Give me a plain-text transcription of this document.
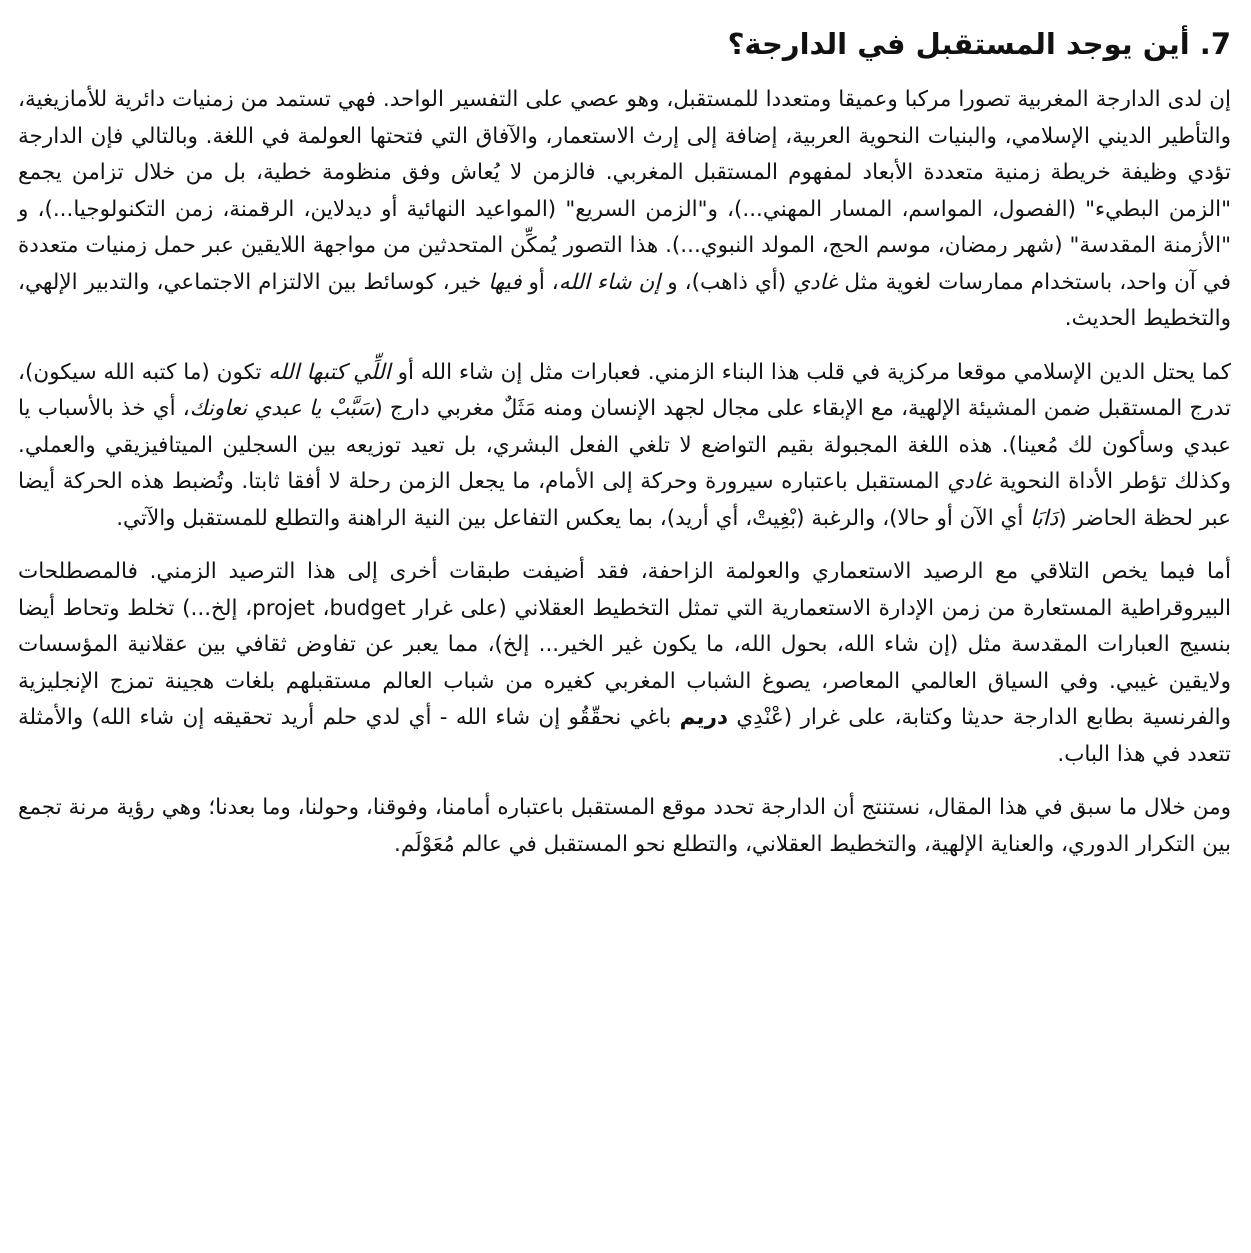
7. أين يوجد المستقبل في الدارجة؟

إن لدى الدارجة المغربية تصورا مركبا وعميقا ومتعددا للمستقبل، وهو عصي على التفسير الواحد. فهي تستمد من زمنيات دائرية للأمازيغية، والتأطير الديني الإسلامي، والبنيات النحوية العربية، إضافة إلى إرث الاستعمار، والآفاق التي فتحتها العولمة في اللغة. وبالتالي فإن الدارجة تؤدي وظيفة خريطة زمنية متعددة الأبعاد لمفهوم المستقبل المغربي. فالزمن لا يُعاش وفق منظومة خطية، بل من خلال تزامن يجمع "الزمن البطيء" (الفصول، المواسم، المسار المهني...)، و"الزمن السريع" (المواعيد النهائية أو ديدلاين، الرقمنة، زمن التكنولوجيا...)، و "الأزمنة المقدسة" (شهر رمضان، موسم الحج، المولد النبوي...). هذا التصور يُمكِّن المتحدثين من مواجهة اللايقين عبر حمل زمنيات متعددة في آن واحد، باستخدام ممارسات لغوية مثل غادي (أي ذاهب)، و إن شاء الله، أو فيها خير، كوسائط بين الالتزام الاجتماعي، والتدبير الإلهي، والتخطيط الحديث.

كما يحتل الدين الإسلامي موقعا مركزية في قلب هذا البناء الزمني. فعبارات مثل إن شاء الله أو اللِّي كتبها الله تكون (ما كتبه الله سيكون)، تدرج المستقبل ضمن المشيئة الإلهية، مع الإبقاء على مجال لجهد الإنسان ومنه مَثَلٌ مغربي دارج (سَبَّبْ يا عبدي نعاونك، أي خذ بالأسباب يا عبدي وسأكون لك مُعينا). هذه اللغة المجبولة بقيم التواضع لا تلغي الفعل البشري، بل تعيد توزيعه بين السجلين الميتافيزيقي والعملي. وكذلك تؤطر الأداة النحوية غادي المستقبل باعتباره سيرورة وحركة إلى الأمام، ما يجعل الزمن رحلة لا أفقا ثابتا. وتُضبط هذه الحركة أيضا عبر لحظة الحاضر (دَابَا أي الآن أو حالا)، والرغبة (بْغِيتْ، أي أريد)، بما يعكس التفاعل بين النية الراهنة والتطلع للمستقبل والآتي.

أما فيما يخص التلاقي مع الرصيد الاستعماري والعولمة الزاحفة، فقد أضيفت طبقات أخرى إلى هذا الترصيد الزمني. فالمصطلحات البيروقراطية المستعارة من زمن الإدارة الاستعمارية التي تمثل التخطيط العقلاني (على غرار budget، projet، إلخ...) تخلط وتحاط أيضا بنسيج العبارات المقدسة مثل (إن شاء الله، بحول الله، ما يكون غير الخير... إلخ)، مما يعبر عن تفاوض ثقافي بين عقلانية المؤسسات ولايقين غيبي. وفي السياق العالمي المعاصر، يصوغ الشباب المغربي كغيره من شباب العالم مستقبلهم بلغات هجينة تمزج الإنجليزية والفرنسية بطابع الدارجة حديثا وكتابة، على غرار (عْنْدِي دريم باغي نحقّقُو إن شاء الله - أي لدي حلم أريد تحقيقه إن شاء الله) والأمثلة تتعدد في هذا الباب.

ومن خلال ما سبق في هذا المقال، نستنتج أن الدارجة تحدد موقع المستقبل باعتباره أمامنا، وفوقنا، وحولنا، وما بعدنا؛ وهي رؤية مرنة تجمع بين التكرار الدوري، والعناية الإلهية، والتخطيط العقلاني، والتطلع نحو المستقبل في عالم مُعَوْلَم.
